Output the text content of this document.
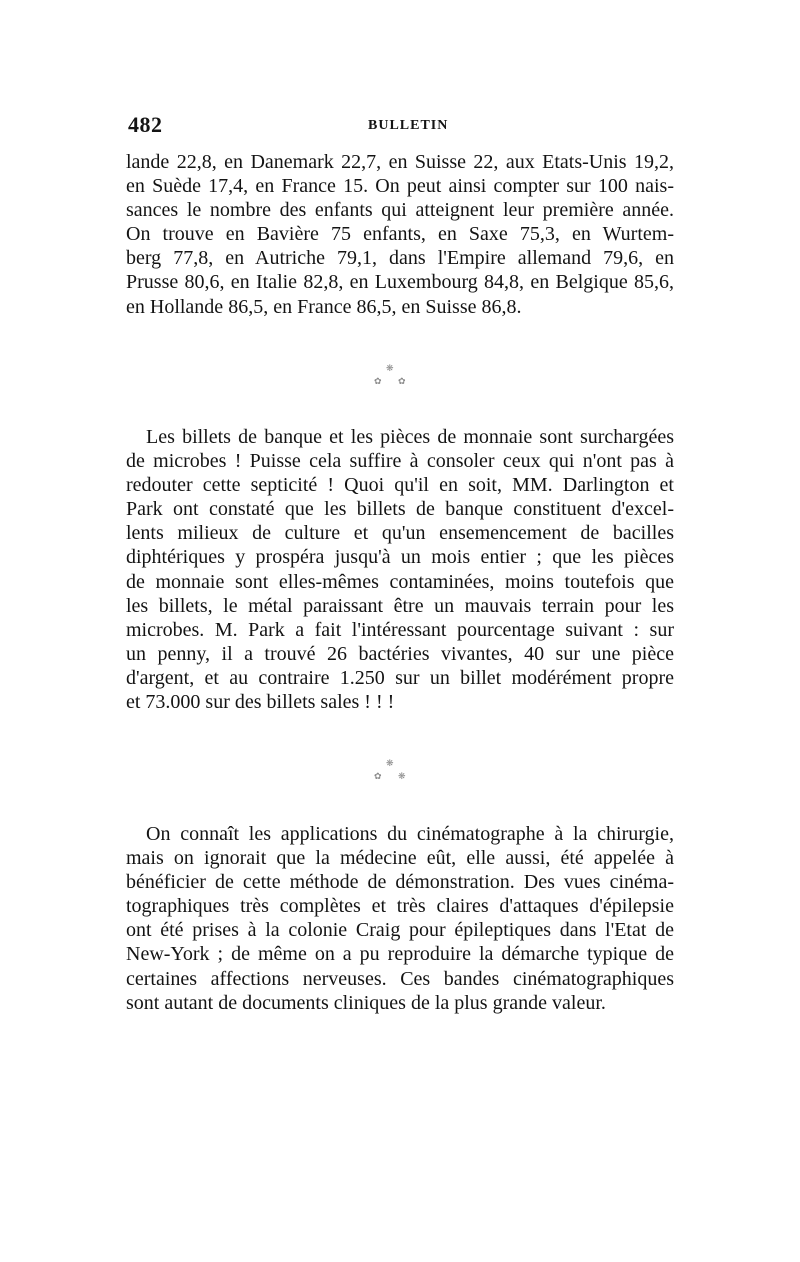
482	BULLETIN

lande 22,8, en Danemark 22,7, en Suisse 22, aux Etats-Unis 19,2,
en Suède 17,4, en France 15. On peut ainsi compter sur 100 nais-
sances le nombre des enfants qui atteignent leur première année.
On trouve en Bavière 75 enfants, en Saxe 75,3, en Wurtem-
berg 77,8, en Autriche 79,1, dans l'Empire allemand 79,6, en
Prusse 80,6, en Italie 82,8, en Luxembourg 84,8, en Belgique 85,6,
en Hollande 86,5, en France 86,5, en Suisse 86,8.

❋
✿ ✿

Les billets de banque et les pièces de monnaie sont surchargées
de microbes ! Puisse cela suffire à consoler ceux qui n'ont pas à
redouter cette septicité ! Quoi qu'il en soit, MM. Darlington et
Park ont constaté que les billets de banque constituent d'excel-
lents milieux de culture et qu'un ensemencement de bacilles
diphtériques y prospéra jusqu'à un mois entier ; que les pièces
de monnaie sont elles-mêmes contaminées, moins toutefois que
les billets, le métal paraissant être un mauvais terrain pour les
microbes. M. Park a fait l'intéressant pourcentage suivant : sur
un penny, il a trouvé 26 bactéries vivantes, 40 sur une pièce
d'argent, et au contraire 1.250 sur un billet modérément propre
et 73.000 sur des billets sales ! ! !

❋
✿ ❋

On connaît les applications du cinématographe à la chirurgie,
mais on ignorait que la médecine eût, elle aussi, été appelée à
bénéficier de cette méthode de démonstration. Des vues cinéma-
tographiques très complètes et très claires d'attaques d'épilepsie
ont été prises à la colonie Craig pour épileptiques dans l'Etat de
New-York ; de même on a pu reproduire la démarche typique de
certaines affections nerveuses. Ces bandes cinématographiques
sont autant de documents cliniques de la plus grande valeur.
